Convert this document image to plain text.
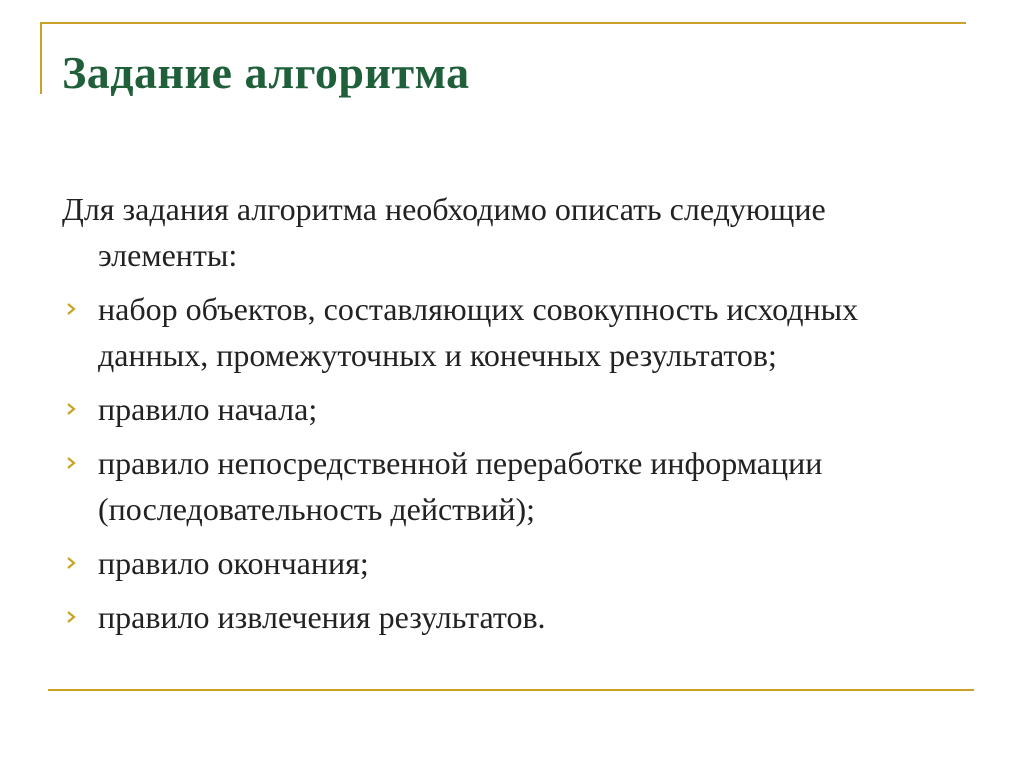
Задание алгоритма

Для задания алгоритма необходимо описать следующие элементы:

набор объектов, составляющих совокупность исходных данных, промежуточных и конечных результатов;
правило начала;
правило непосредственной переработке информации (последовательность действий);
правило окончания;
правило извлечения результатов.
